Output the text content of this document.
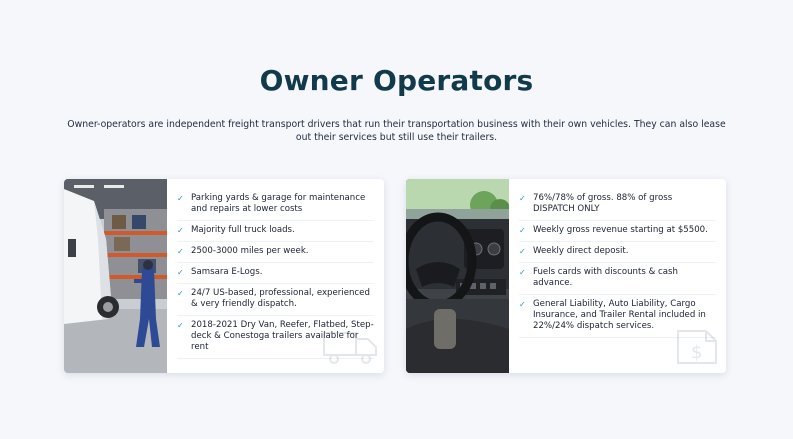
Owner Operators

Owner-operators are independent freight transport drivers that run their transportation business with their own vehicles. They can also lease out their services but still use their trailers.

✓ Parking yards & garage for maintenance and repairs at lower costs
✓ Majority full truck loads.
✓ 2500-3000 miles per week.
✓ Samsara E-Logs.
✓ 24/7 US-based, professional, experienced & very friendly dispatch.
✓ 2018-2021 Dry Van, Reefer, Flatbed, Step-deck & Conestoga trailers available for rent
✓ 76%/78% of gross. 88% of gross DISPATCH ONLY
✓ Weekly gross revenue starting at $5500.
✓ Weekly direct deposit.
✓ Fuels cards with discounts & cash advance.
✓ General Liability, Auto Liability, Cargo Insurance, and Trailer Rental included in 22%/24% dispatch services.
$
